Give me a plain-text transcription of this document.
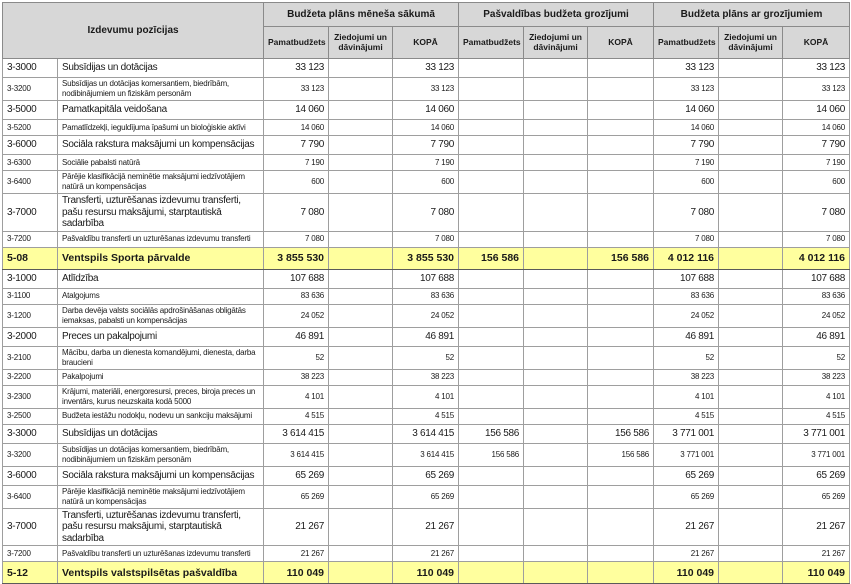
Izdevumu pozīcijas		Budžeta plāns mēneša sākumā			Pašvaldības budžeta grozījumi			Budžeta plāns ar grozījumiem		
		Pamatbudžets	Ziedojumi un dāvinājumi	KOPĀ	Pamatbudžets	Ziedojumi un dāvinājumi	KOPĀ	Pamatbudžets	Ziedojumi un dāvinājumi	KOPĀ
3-3000	Subsīdijas un dotācijas	33 123		33 123				33 123		33 123
3-3200	Subsīdijas un dotācijas komersantiem, biedrībām, nodibinājumiem un fiziskām personām	33 123		33 123				33 123		33 123
3-5000	Pamatkapitāla veidošana	14 060		14 060				14 060		14 060
3-5200	Pamatlīdzekļi, ieguldījuma īpašumi un bioloģiskie aktīvi	14 060		14 060				14 060		14 060
3-6000	Sociāla rakstura maksājumi un kompensācijas	7 790		7 790				7 790		7 790
3-6300	Sociālie pabalsti natūrā	7 190		7 190				7 190		7 190
3-6400	Pārējie klasifikācijā neminētie maksājumi iedzīvotājiem natūrā un kompensācijas	600		600				600		600
3-7000	Transferti, uzturēšanas izdevumu transferti, pašu resursu maksājumi, starptautiskā sadarbība	7 080		7 080				7 080		7 080
3-7200	Pašvaldību transferti un uzturēšanas izdevumu transferti	7 080		7 080				7 080		7 080
5-08	Ventspils Sporta pārvalde	3 855 530		3 855 530	156 586		156 586	4 012 116		4 012 116
3-1000	Atlīdzība	107 688		107 688				107 688		107 688
3-1100	Atalgojums	83 636		83 636				83 636		83 636
3-1200	Darba devēja valsts sociālās apdrošināšanas obligātās iemaksas, pabalsti un kompensācijas	24 052		24 052				24 052		24 052
3-2000	Preces un pakalpojumi	46 891		46 891				46 891		46 891
3-2100	Mācību, darba un dienesta komandējumi, dienesta, darba braucieni	52		52				52		52
3-2200	Pakalpojumi	38 223		38 223				38 223		38 223
3-2300	Krājumi, materiāli, energoresursi, preces, biroja preces un inventārs, kurus neuzskaita kodā 5000	4 101		4 101				4 101		4 101
3-2500	Budžeta iestāžu nodokļu, nodevu un sankciju maksājumi	4 515		4 515				4 515		4 515
3-3000	Subsīdijas un dotācijas	3 614 415		3 614 415	156 586		156 586	3 771 001		3 771 001
3-3200	Subsīdijas un dotācijas komersantiem, biedrībām, nodibinājumiem un fiziskām personām	3 614 415		3 614 415	156 586		156 586	3 771 001		3 771 001
3-6000	Sociāla rakstura maksājumi un kompensācijas	65 269		65 269				65 269		65 269
3-6400	Pārējie klasifikācijā neminētie maksājumi iedzīvotājiem natūrā un kompensācijas	65 269		65 269				65 269		65 269
3-7000	Transferti, uzturēšanas izdevumu transferti, pašu resursu maksājumi, starptautiskā sadarbība	21 267		21 267				21 267		21 267
3-7200	Pašvaldību transferti un uzturēšanas izdevumu transferti	21 267		21 267				21 267		21 267
5-12	Ventspils valstspilsētas pašvaldība	110 049		110 049				110 049		110 049
